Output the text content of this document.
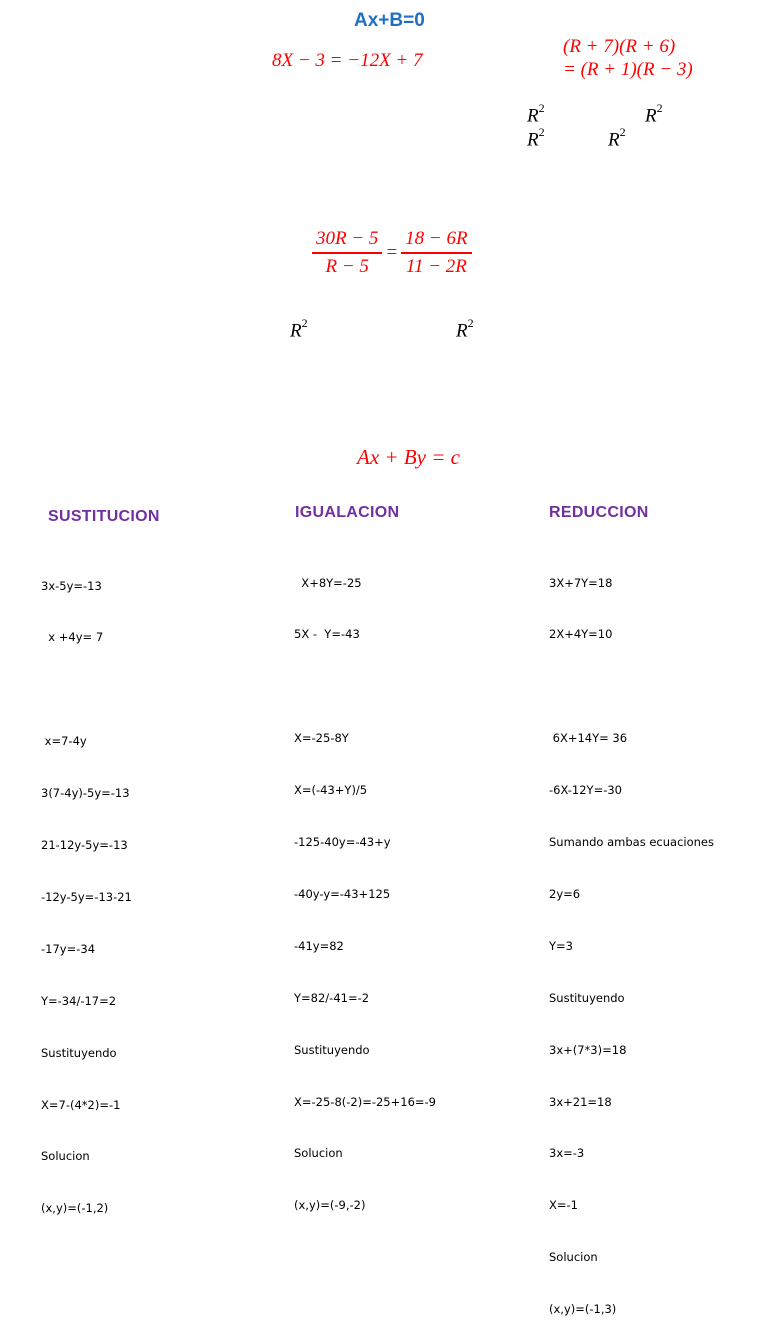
Ax+B=0
8X − 3 = −12X + 7
(R + 7)(R + 6)
= (R + 1)(R − 3)
$R^2$	$R^2$
$R^2$	$R^2$
$\frac{30R - 5}{R - 5} = \frac{18 - 6R}{11 - 2R}$
$R^2$	$R^2$
Ax + By = c
SUSTITUCION	IGUALACION	REDUCCION

3x-5y=-13

x +4y= 7

x=7-4y

3(7-4y)-5y=-13

21-12y-5y=-13

-12y-5y=-13-21

-17y=-34

Y=-34/-17=2

Sustituyendo

X=7-(4*2)=-1

Solucion

(x,y)=(-1,2)

X+8Y=-25

5X -  Y=-43

X=-25-8Y

X=(-43+Y)/5

-125-40y=-43+y

-40y-y=-43+125

-41y=82

Y=82/-41=-2

Sustituyendo

X=-25-8(-2)=-25+16=-9

Solucion

(x,y)=(-9,-2)

3X+7Y=18

2X+4Y=10

6X+14Y= 36

-6X-12Y=-30

Sumando ambas ecuaciones

2y=6

Y=3

Sustituyendo

3x+(7*3)=18

3x+21=18

3x=-3

X=-1

Solucion

(x,y)=(-1,3)
